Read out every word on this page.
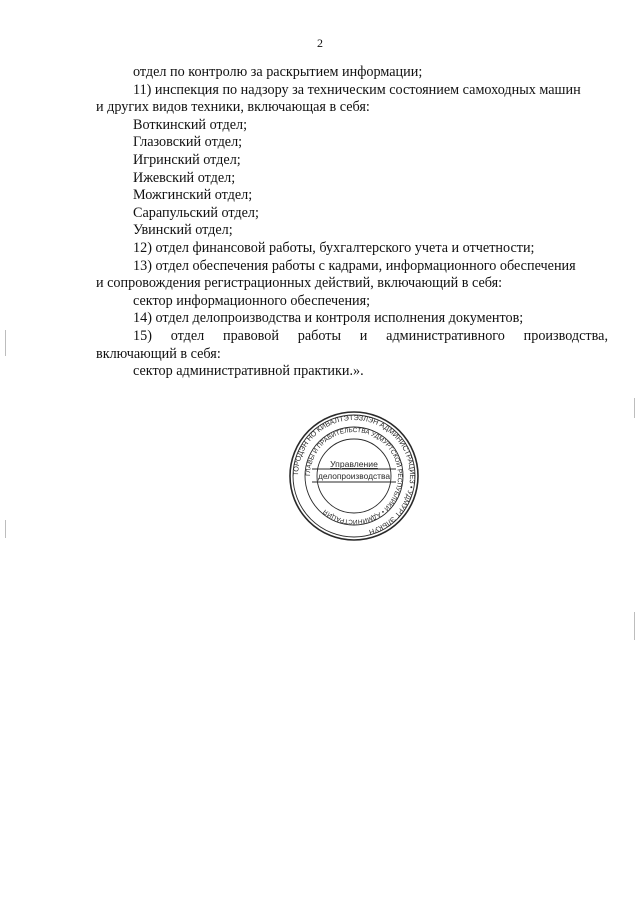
2
отдел по контролю за раскрытием информации;
11) инспекция по надзору за техническим состоянием самоходных машин
и других видов техники, включающая в себя:
Воткинский отдел;
Глазовский отдел;
Игринский отдел;
Ижевский отдел;
Можгинский отдел;
Сарапульский отдел;
Увинский отдел;
12) отдел финансовой работы, бухгалтерского учета и отчетности;
13) отдел обеспечения работы с кадрами, информационного обеспечения
и сопровождения регистрационных действий, включающий в себя:
сектор информационного обеспечения;
14) отдел делопроизводства и контроля исполнения документов;
15) отдел правовой работы и административного производства,
включающий в себя:
сектор административной практики.».
ТОРОДЭН НО КИВАЛТЭТЭЗЛЭН АДМИНИСТРАЦИЕЗ • УДМУРТ ЭЛЬКУН
ГЛАВЫ И ПРАВИТЕЛЬСТВА УДМУРТСКОЙ РЕСПУБЛИКИ • АДМИНИСТРАЦИЯ
Управление
делопроизводства
